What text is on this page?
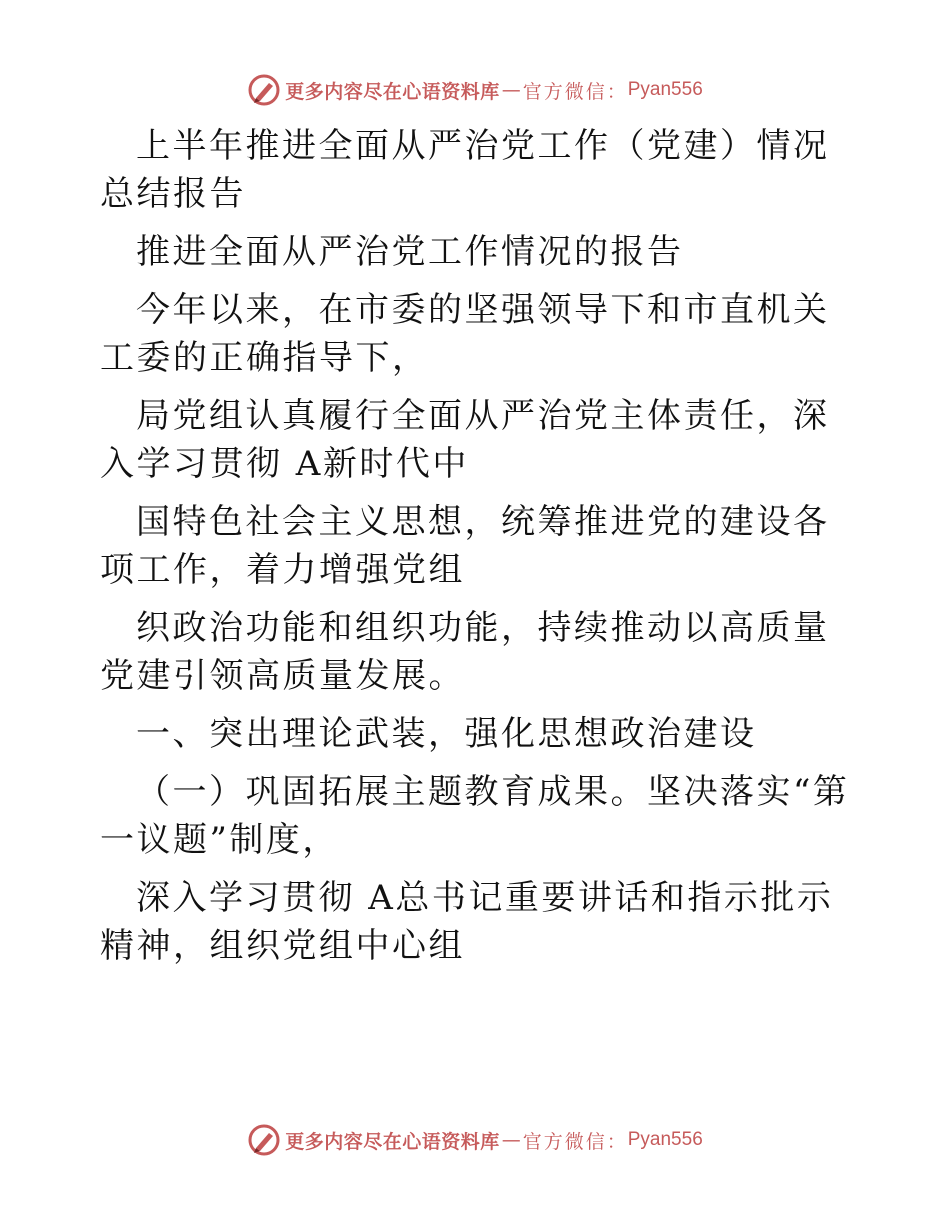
更多内容尽在心语资料库 — 官方微信： Pyan556

上半年推进全面从严治党工作（党建）情况总结报告

推进全面从严治党工作情况的报告

今年以来，在市委的坚强领导下和市直机关工委的正确指导下，

局党组认真履行全面从严治党主体责任，深入学习贯彻 A新时代中

国特色社会主义思想，统筹推进党的建设各项工作，着力增强党组

织政治功能和组织功能，持续推动以高质量党建引领高质量发展。

一、突出理论武装，强化思想政治建设

（一）巩固拓展主题教育成果。坚决落实“第一议题”制度，

深入学习贯彻 A总书记重要讲话和指示批示精神，组织党组中心组

更多内容尽在心语资料库 — 官方微信： Pyan556
